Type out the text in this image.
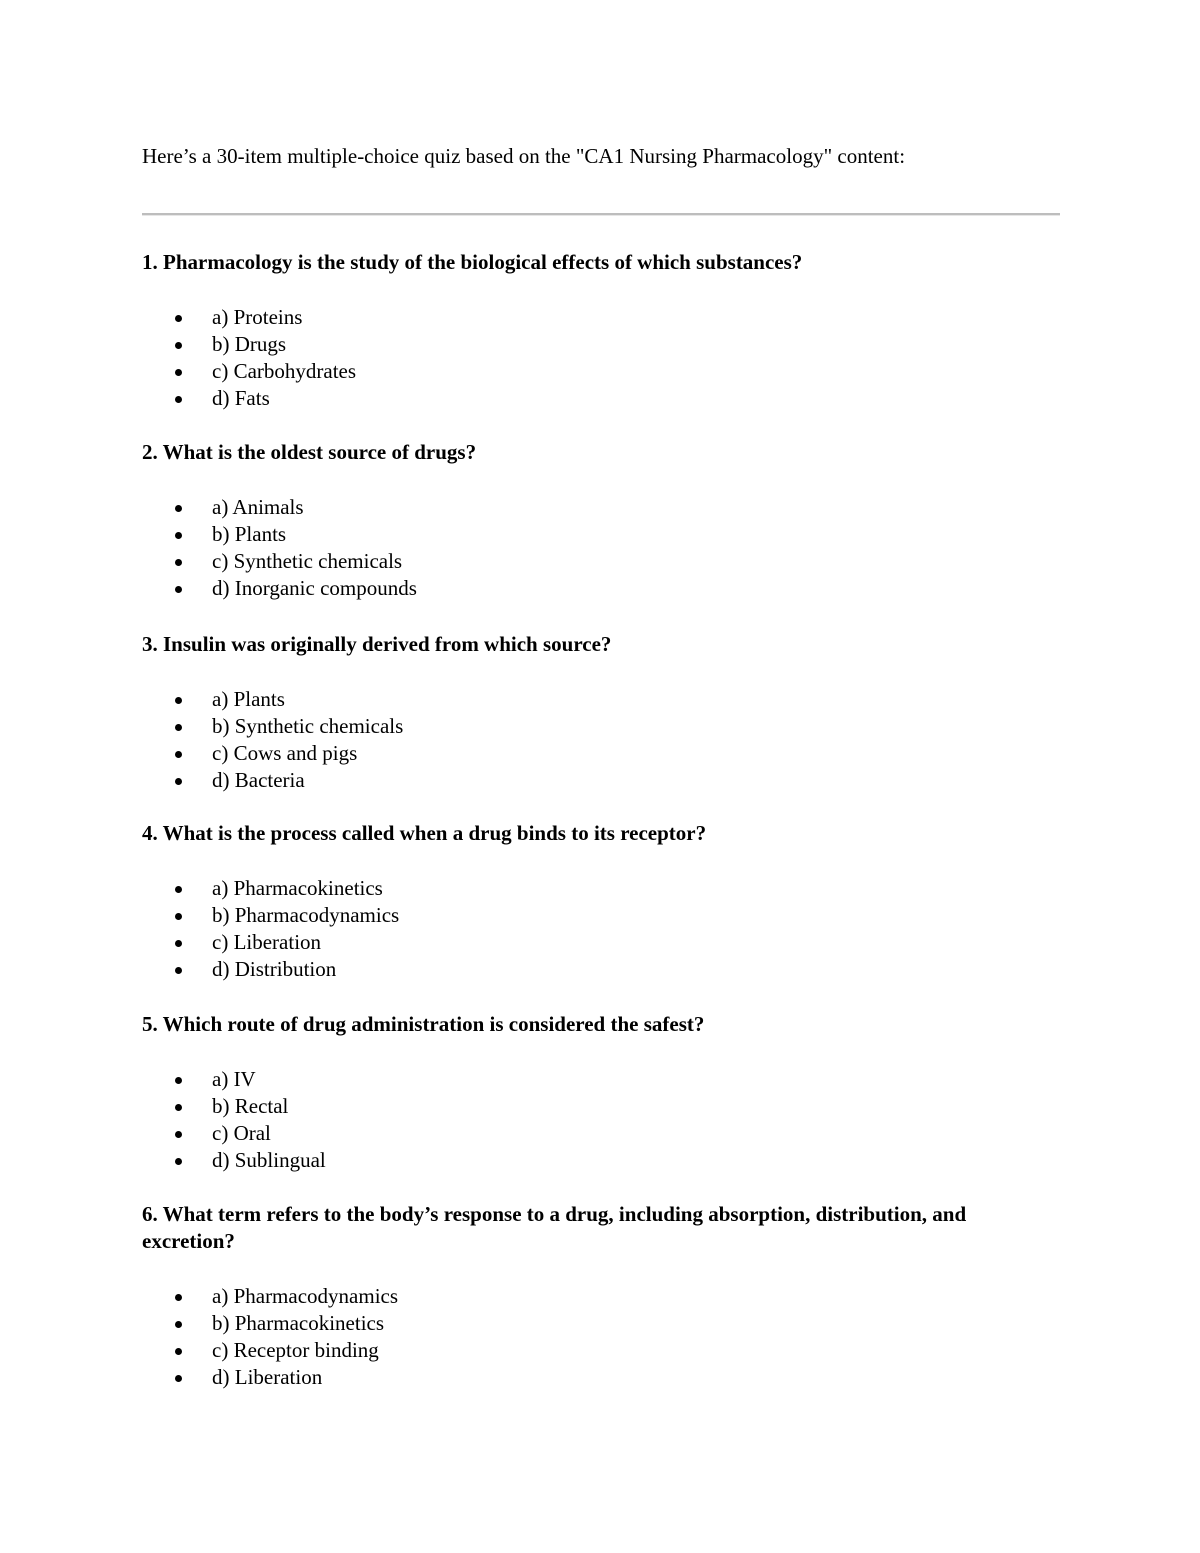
Here’s a 30-item multiple-choice quiz based on the "CA1 Nursing Pharmacology" content:

1. Pharmacology is the study of the biological effects of which substances?

a) Proteins
b) Drugs
c) Carbohydrates
d) Fats

2. What is the oldest source of drugs?

a) Animals
b) Plants
c) Synthetic chemicals
d) Inorganic compounds

3. Insulin was originally derived from which source?

a) Plants
b) Synthetic chemicals
c) Cows and pigs
d) Bacteria

4. What is the process called when a drug binds to its receptor?

a) Pharmacokinetics
b) Pharmacodynamics
c) Liberation
d) Distribution

5. Which route of drug administration is considered the safest?

a) IV
b) Rectal
c) Oral
d) Sublingual

6. What term refers to the body’s response to a drug, including absorption, distribution, and excretion?

a) Pharmacodynamics
b) Pharmacokinetics
c) Receptor binding
d) Liberation
